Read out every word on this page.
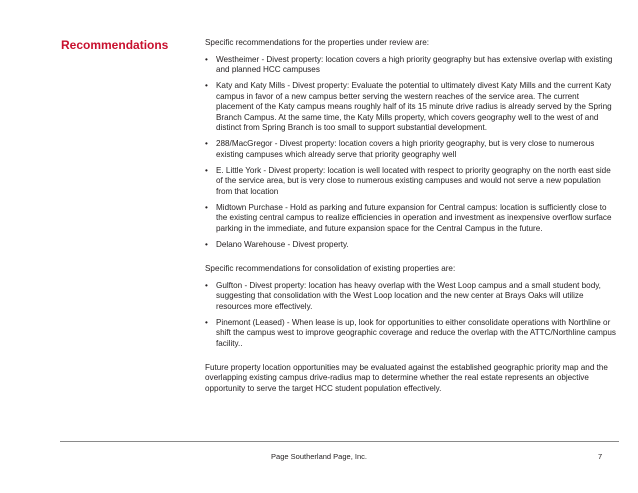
Recommendations	Specific recommendations for the properties under review are:

• Westheimer - Divest property: location covers a high priority geography but has extensive overlap with existing and planned HCC campuses
• Katy and Katy Mills - Divest property: Evaluate the potential to ultimately divest Katy Mills and the current Katy campus in favor of a new campus better serving the western reaches of the service area. The current placement of the Katy campus means roughly half of its 15 minute drive radius is already served by the Spring Branch Campus. At the same time, the Katy Mills property, which covers geography well to the west of and distinct from Spring Branch is too small to support substantial development.
• 288/MacGregor - Divest property: location covers a high priority geography, but is very close to numerous existing campuses which already serve that priority geography well
• E. Little York - Divest property: location is well located with respect to priority geography on the north east side of the service area, but is very close to numerous existing campuses and would not serve a new population from that location
• Midtown Purchase - Hold as parking and future expansion for Central campus: location is sufficiently close to the existing central campus to realize efficiencies in operation and investment as inexpensive overflow surface parking in the immediate, and future expansion space for the Central Campus in the future.
• Delano Warehouse - Divest property.

Specific recommendations for consolidation of existing properties are:

• Gulfton - Divest property: location has heavy overlap with the West Loop campus and a small student body, suggesting that consolidation with the West Loop location and the new center at Brays Oaks will utilize resources more effectively.
• Pinemont (Leased) - When lease is up, look for opportunities to either consolidate operations with Northline or shift the campus west to improve geographic coverage and reduce the overlap with the ATTC/Northline campus facility..

Future property location opportunities may be evaluated against the established geographic priority map and the overlapping existing campus drive-radius map to determine whether the real estate represents an objective opportunity to serve the target HCC student population effectively.

Page Southerland Page, Inc.	7
